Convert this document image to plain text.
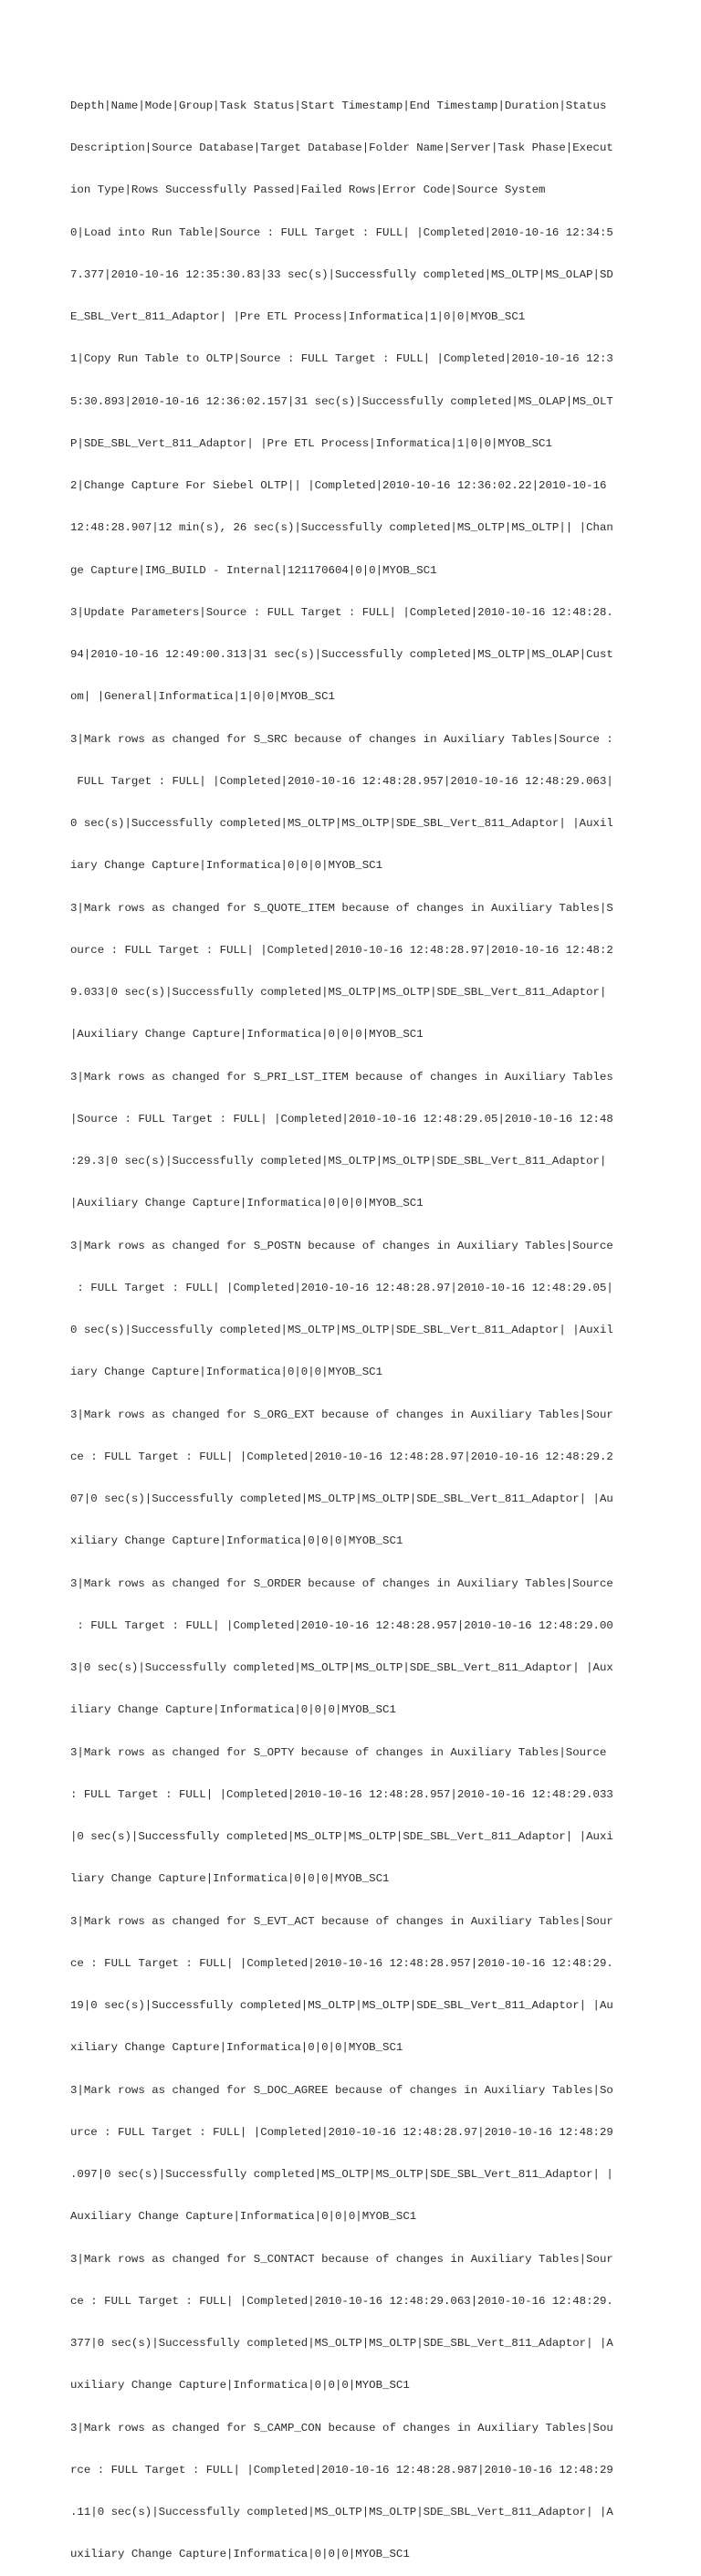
Depth|Name|Mode|Group|Task Status|Start Timestamp|End Timestamp|Duration|Status

Description|Source Database|Target Database|Folder Name|Server|Task Phase|Execut

ion Type|Rows Successfully Passed|Failed Rows|Error Code|Source System

0|Load into Run Table|Source : FULL Target : FULL| |Completed|2010-10-16 12:34:5

7.377|2010-10-16 12:35:30.83|33 sec(s)|Successfully completed|MS_OLTP|MS_OLAP|SD

E_SBL_Vert_811_Adaptor| |Pre ETL Process|Informatica|1|0|0|MYOB_SC1

1|Copy Run Table to OLTP|Source : FULL Target : FULL| |Completed|2010-10-16 12:3

5:30.893|2010-10-16 12:36:02.157|31 sec(s)|Successfully completed|MS_OLAP|MS_OLT

P|SDE_SBL_Vert_811_Adaptor| |Pre ETL Process|Informatica|1|0|0|MYOB_SC1

2|Change Capture For Siebel OLTP|| |Completed|2010-10-16 12:36:02.22|2010-10-16

12:48:28.907|12 min(s), 26 sec(s)|Successfully completed|MS_OLTP|MS_OLTP|| |Chan

ge Capture|IMG_BUILD - Internal|121170604|0|0|MYOB_SC1

3|Update Parameters|Source : FULL Target : FULL| |Completed|2010-10-16 12:48:28.

94|2010-10-16 12:49:00.313|31 sec(s)|Successfully completed|MS_OLTP|MS_OLAP|Cust

om| |General|Informatica|1|0|0|MYOB_SC1

3|Mark rows as changed for S_SRC because of changes in Auxiliary Tables|Source :

FULL Target : FULL| |Completed|2010-10-16 12:48:28.957|2010-10-16 12:48:29.063|

0 sec(s)|Successfully completed|MS_OLTP|MS_OLTP|SDE_SBL_Vert_811_Adaptor| |Auxil

iary Change Capture|Informatica|0|0|0|MYOB_SC1

3|Mark rows as changed for S_QUOTE_ITEM because of changes in Auxiliary Tables|S

ource : FULL Target : FULL| |Completed|2010-10-16 12:48:28.97|2010-10-16 12:48:2

9.033|0 sec(s)|Successfully completed|MS_OLTP|MS_OLTP|SDE_SBL_Vert_811_Adaptor|

|Auxiliary Change Capture|Informatica|0|0|0|MYOB_SC1

3|Mark rows as changed for S_PRI_LST_ITEM because of changes in Auxiliary Tables

|Source : FULL Target : FULL| |Completed|2010-10-16 12:48:29.05|2010-10-16 12:48

:29.3|0 sec(s)|Successfully completed|MS_OLTP|MS_OLTP|SDE_SBL_Vert_811_Adaptor|

|Auxiliary Change Capture|Informatica|0|0|0|MYOB_SC1

3|Mark rows as changed for S_POSTN because of changes in Auxiliary Tables|Source

: FULL Target : FULL| |Completed|2010-10-16 12:48:28.97|2010-10-16 12:48:29.05|

0 sec(s)|Successfully completed|MS_OLTP|MS_OLTP|SDE_SBL_Vert_811_Adaptor| |Auxil

iary Change Capture|Informatica|0|0|0|MYOB_SC1

3|Mark rows as changed for S_ORG_EXT because of changes in Auxiliary Tables|Sour

ce : FULL Target : FULL| |Completed|2010-10-16 12:48:28.97|2010-10-16 12:48:29.2

07|0 sec(s)|Successfully completed|MS_OLTP|MS_OLTP|SDE_SBL_Vert_811_Adaptor| |Au

xiliary Change Capture|Informatica|0|0|0|MYOB_SC1

3|Mark rows as changed for S_ORDER because of changes in Auxiliary Tables|Source

: FULL Target : FULL| |Completed|2010-10-16 12:48:28.957|2010-10-16 12:48:29.00

3|0 sec(s)|Successfully completed|MS_OLTP|MS_OLTP|SDE_SBL_Vert_811_Adaptor| |Aux

iliary Change Capture|Informatica|0|0|0|MYOB_SC1

3|Mark rows as changed for S_OPTY because of changes in Auxiliary Tables|Source

: FULL Target : FULL| |Completed|2010-10-16 12:48:28.957|2010-10-16 12:48:29.033

|0 sec(s)|Successfully completed|MS_OLTP|MS_OLTP|SDE_SBL_Vert_811_Adaptor| |Auxi

liary Change Capture|Informatica|0|0|0|MYOB_SC1

3|Mark rows as changed for S_EVT_ACT because of changes in Auxiliary Tables|Sour

ce : FULL Target : FULL| |Completed|2010-10-16 12:48:28.957|2010-10-16 12:48:29.

19|0 sec(s)|Successfully completed|MS_OLTP|MS_OLTP|SDE_SBL_Vert_811_Adaptor| |Au

xiliary Change Capture|Informatica|0|0|0|MYOB_SC1

3|Mark rows as changed for S_DOC_AGREE because of changes in Auxiliary Tables|So

urce : FULL Target : FULL| |Completed|2010-10-16 12:48:28.97|2010-10-16 12:48:29

.097|0 sec(s)|Successfully completed|MS_OLTP|MS_OLTP|SDE_SBL_Vert_811_Adaptor| |

Auxiliary Change Capture|Informatica|0|0|0|MYOB_SC1

3|Mark rows as changed for S_CONTACT because of changes in Auxiliary Tables|Sour

ce : FULL Target : FULL| |Completed|2010-10-16 12:48:29.063|2010-10-16 12:48:29.

377|0 sec(s)|Successfully completed|MS_OLTP|MS_OLTP|SDE_SBL_Vert_811_Adaptor| |A

uxiliary Change Capture|Informatica|0|0|0|MYOB_SC1

3|Mark rows as changed for S_CAMP_CON because of changes in Auxiliary Tables|Sou

rce : FULL Target : FULL| |Completed|2010-10-16 12:48:28.987|2010-10-16 12:48:29

.11|0 sec(s)|Successfully completed|MS_OLTP|MS_OLTP|SDE_SBL_Vert_811_Adaptor| |A

uxiliary Change Capture|Informatica|0|0|0|MYOB_SC1
